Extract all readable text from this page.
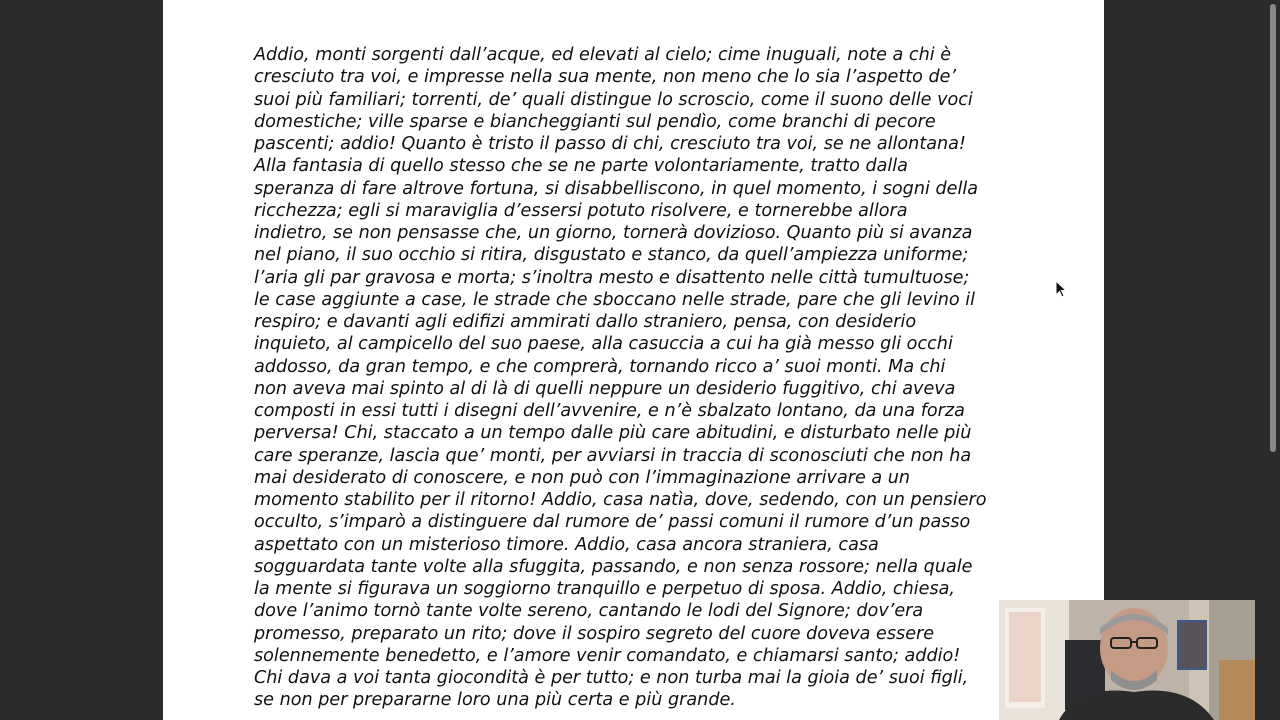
Addio, monti sorgenti dall’acque, ed elevati al cielo; cime inuguali, note a chi è
cresciuto tra voi, e impresse nella sua mente, non meno che lo sia l’aspetto de’
suoi più familiari; torrenti, de’ quali distingue lo scroscio, come il suono delle voci
domestiche; ville sparse e biancheggianti sul pendìo, come branchi di pecore
pascenti; addio! Quanto è tristo il passo di chi, cresciuto tra voi, se ne allontana!
Alla fantasia di quello stesso che se ne parte volontariamente, tratto dalla
speranza di fare altrove fortuna, si disabbelliscono, in quel momento, i sogni della
ricchezza; egli si maraviglia d’essersi potuto risolvere, e tornerebbe allora
indietro, se non pensasse che, un giorno, tornerà dovizioso. Quanto più si avanza
nel piano, il suo occhio si ritira, disgustato e stanco, da quell’ampiezza uniforme;
l’aria gli par gravosa e morta; s’inoltra mesto e disattento nelle città tumultuose;
le case aggiunte a case, le strade che sboccano nelle strade, pare che gli levino il
respiro; e davanti agli edifizi ammirati dallo straniero, pensa, con desiderio
inquieto, al campicello del suo paese, alla casuccia a cui ha già messo gli occhi
addosso, da gran tempo, e che comprerà, tornando ricco a’ suoi monti. Ma chi
non aveva mai spinto al di là di quelli neppure un desiderio fuggitivo, chi aveva
composti in essi tutti i disegni dell’avvenire, e n’è sbalzato lontano, da una forza
perversa! Chi, staccato a un tempo dalle più care abitudini, e disturbato nelle più
care speranze, lascia que’ monti, per avviarsi in traccia di sconosciuti che non ha
mai desiderato di conoscere, e non può con l’immaginazione arrivare a un
momento stabilito per il ritorno! Addio, casa natìa, dove, sedendo, con un pensiero
occulto, s’imparò a distinguere dal rumore de’ passi comuni il rumore d’un passo
aspettato con un misterioso timore. Addio, casa ancora straniera, casa
sogguardata tante volte alla sfuggita, passando, e non senza rossore; nella quale
la mente si figurava un soggiorno tranquillo e perpetuo di sposa. Addio, chiesa,
dove l’animo tornò tante volte sereno, cantando le lodi del Signore; dov’era
promesso, preparato un rito; dove il sospiro segreto del cuore doveva essere
solennemente benedetto, e l’amore venir comandato, e chiamarsi santo; addio!
Chi dava a voi tanta giocondità è per tutto; e non turba mai la gioia de’ suoi figli,
se non per prepararne loro una più certa e più grande.
